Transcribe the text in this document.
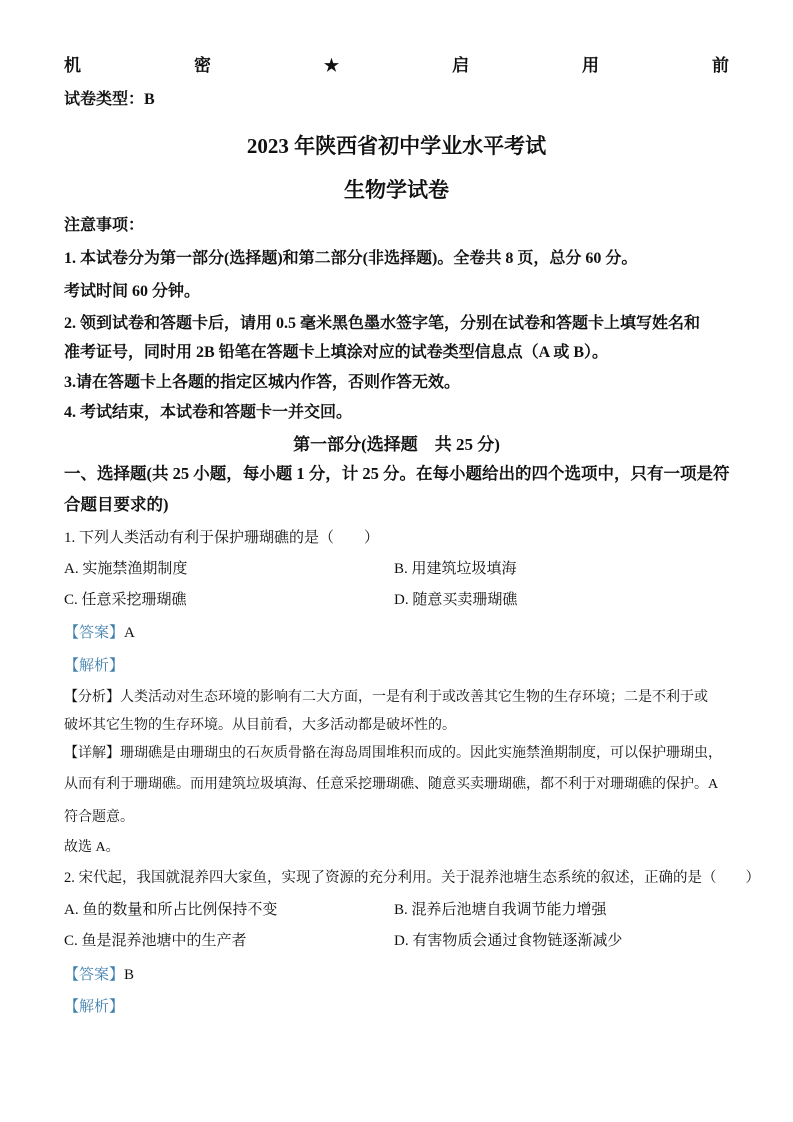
机	密	★	启	用	前
试卷类型：B
2023 年陕西省初中学业水平考试
生物学试卷
注意事项：
1. 本试卷分为第一部分(选择题)和第二部分(非选择题)。全卷共 8 页，总分 60 分。
考试时间 60 分钟。
2. 领到试卷和答题卡后，请用 0.5 毫米黑色墨水签字笔，分别在试卷和答题卡上填写姓名和
准考证号，同时用 2B 铅笔在答题卡上填涂对应的试卷类型信息点（A 或 B）。
3.请在答题卡上各题的指定区城内作答，否则作答无效。
4. 考试结束，本试卷和答题卡一并交回。
第一部分(选择题　共 25 分)
一、选择题(共 25 小题，每小题 1 分，计 25 分。在每小题给出的四个选项中，只有一项是符
合题目要求的)
1. 下列人类活动有利于保护珊瑚礁的是（　　）
A. 实施禁渔期制度	B. 用建筑垃圾填海
C. 任意采挖珊瑚礁	D. 随意买卖珊瑚礁
【答案】A
【解析】
【分析】人类活动对生态环境的影响有二大方面，一是有利于或改善其它生物的生存环境；二是不利于或
破坏其它生物的生存环境。从目前看，大多活动都是破坏性的。
【详解】珊瑚礁是由珊瑚虫的石灰质骨骼在海岛周围堆积而成的。因此实施禁渔期制度，可以保护珊瑚虫，
从而有利于珊瑚礁。而用建筑垃圾填海、任意采挖珊瑚礁、随意买卖珊瑚礁，都不利于对珊瑚礁的保护。A
符合题意。
故选 A。
2. 宋代起，我国就混养四大家鱼，实现了资源的充分利用。关于混养池塘生态系统的叙述，正确的是（　　）
A. 鱼的数量和所占比例保持不变	B. 混养后池塘自我调节能力增强
C. 鱼是混养池塘中的生产者	D. 有害物质会通过食物链逐渐减少
【答案】B
【解析】
